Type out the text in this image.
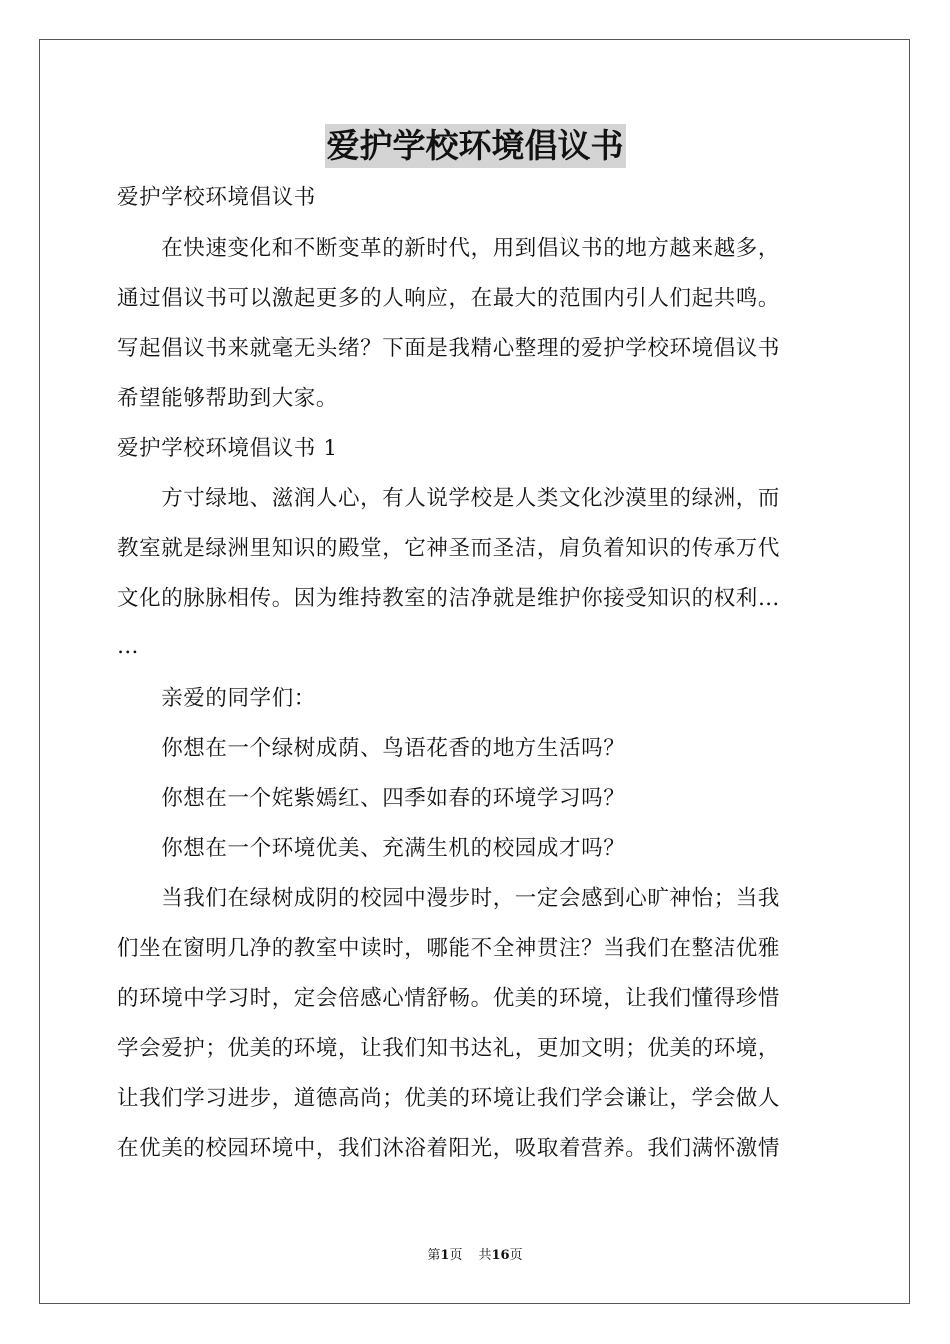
爱护学校环境倡议书
爱护学校环境倡议书
　　在快速变化和不断变革的新时代，用到倡议书的地方越来越多，
通过倡议书可以激起更多的人响应，在最大的范围内引人们起共鸣。
写起倡议书来就毫无头绪？下面是我精心整理的爱护学校环境倡议书
希望能够帮助到大家。
爱护学校环境倡议书 1
　　方寸绿地、滋润人心，有人说学校是人类文化沙漠里的绿洲，而
教室就是绿洲里知识的殿堂，它神圣而圣洁，肩负着知识的传承万代
文化的脉脉相传。因为维持教室的洁净就是维护你接受知识的权利…
…
　　亲爱的同学们：
　　你想在一个绿树成荫、鸟语花香的地方生活吗？
　　你想在一个姹紫嫣红、四季如春的环境学习吗？
　　你想在一个环境优美、充满生机的校园成才吗？
　　当我们在绿树成阴的校园中漫步时，一定会感到心旷神怡；当我
们坐在窗明几净的教室中读时，哪能不全神贯注？当我们在整洁优雅
的环境中学习时，定会倍感心情舒畅。优美的环境，让我们懂得珍惜
学会爱护；优美的环境，让我们知书达礼，更加文明；优美的环境，
让我们学习进步，道德高尚；优美的环境让我们学会谦让，学会做人
在优美的校园环境中，我们沐浴着阳光，吸取着营养。我们满怀激情
第1页 共16页
